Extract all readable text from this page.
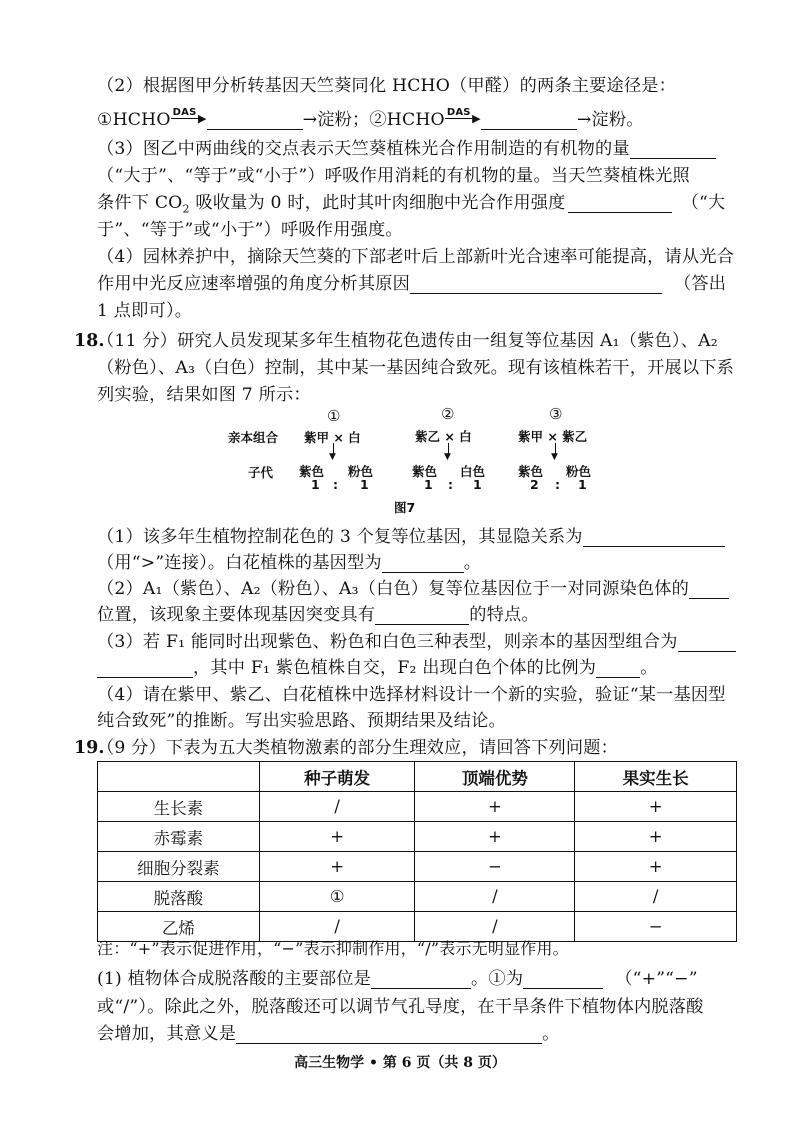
（2）根据图甲分析转基因天竺葵同化 HCHO（甲醛）的两条主要途径是：
①HCHO DAS ▶	→淀粉；②HCHO DAS ▶	→淀粉。
（3）图乙中两曲线的交点表示天竺葵植株光合作用制造的有机物的量
（“大于”、“等于”或“小于”）呼吸作用消耗的有机物的量。当天竺葵植株光照
条件下 $CO_2$ 吸收量为 0 时，此时其叶肉细胞中光合作用强度	（“大
于”、“等于”或“小于”）呼吸作用强度。
（4）园林养护中，摘除天竺葵的下部老叶后上部新叶光合速率可能提高，请从光合
作用中光反应速率增强的角度分析其原因	（答出
1 点即可）。
18.
（11 分）研究人员发现某多年生植物花色遗传由一组复等位基因 A₁（紫色）、A₂
（粉色）、A₃（白色）控制，其中某一基因纯合致死。现有该植株若干，开展以下系
列实验，结果如图 7 所示：
亲本组合
子代
①
紫甲 × 白
▼
紫色 粉色
1 : 1
②
紫乙 × 白
▼
紫色 白色
1 : 1
③
紫甲 × 紫乙
▼
紫色 粉色
2 : 1
图7
（1）该多年生植物控制花色的 3 个复等位基因，其显隐关系为
（用“>”连接）。白花植株的基因型为	。
（2）A₁（紫色）、A₂（粉色）、A₃（白色）复等位基因位于一对同源染色体的
位置，该现象主要体现基因突变具有	的特点。
（3）若 F₁ 能同时出现紫色、粉色和白色三种表型，则亲本的基因型组合为
，其中 F₁ 紫色植株自交，F₂ 出现白色个体的比例为	。
（4）请在紫甲、紫乙、白花植株中选择材料设计一个新的实验，验证“某一基因型
纯合致死”的推断。写出实验思路、预期结果及结论。
19.
（9 分）下表为五大类植物激素的部分生理效应，请回答下列问题：
	种子萌发	顶端优势	果实生长
生长素	/	+	+
赤霉素	+	+	+
细胞分裂素	+	−	+
脱落酸	①	/	/
乙烯	/	/	−
注：“+”表示促进作用，“−”表示抑制作用，“/”表示无明显作用。
(1) 植物体合成脱落酸的主要部位是	。①为	（“+”“−”
或“/”）。除此之外，脱落酸还可以调节气孔导度，在干旱条件下植物体内脱落酸
会增加，其意义是	。
高三生物学 • 第 6 页（共 8 页）
